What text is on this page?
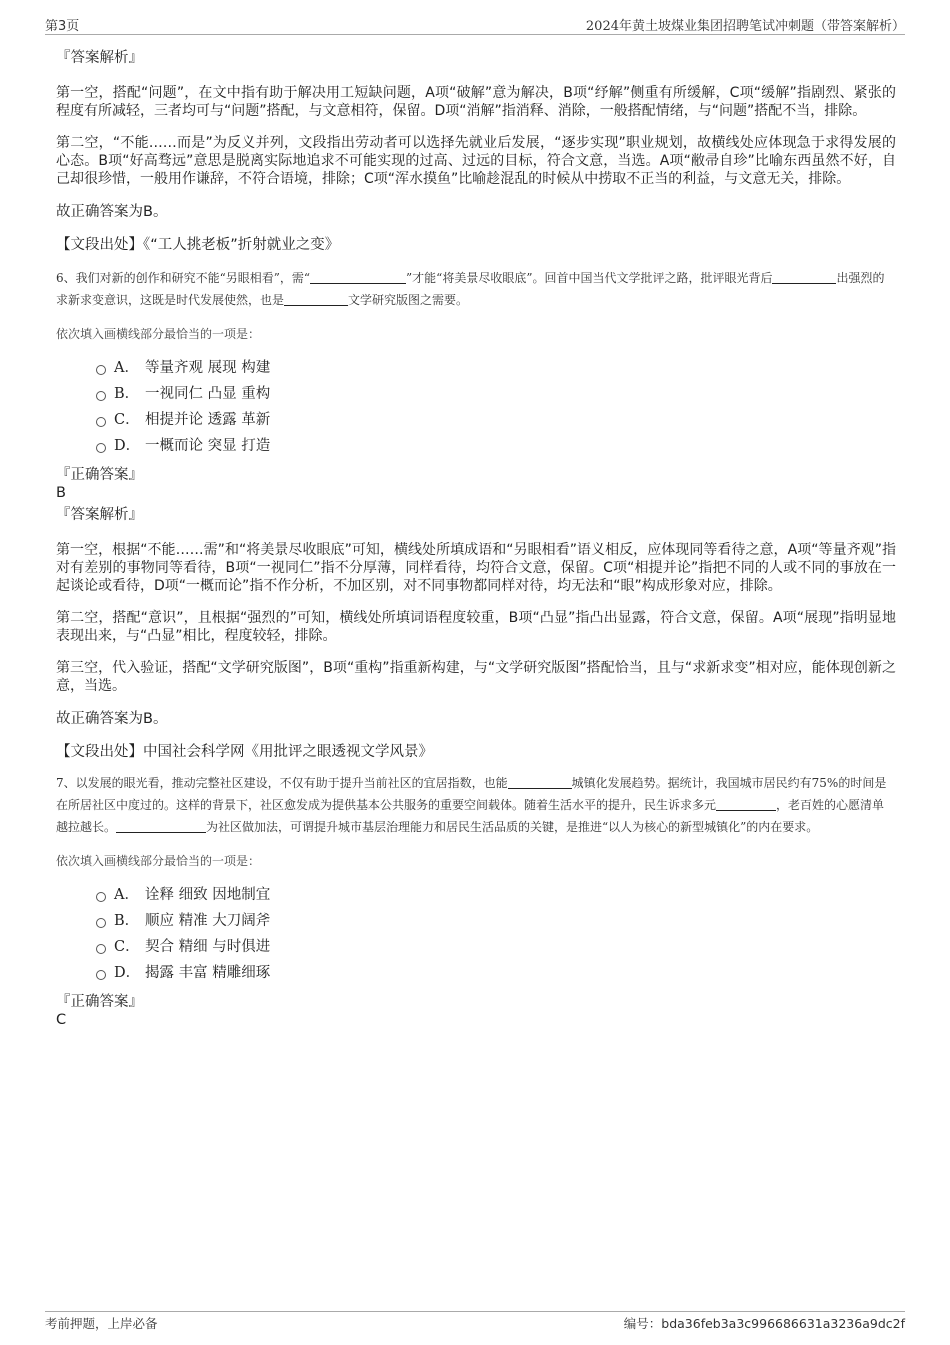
第3页	2024年黄土坡煤业集团招聘笔试冲刺题（带答案解析）

『答案解析』

第一空，搭配“问题”，在文中指有助于解决用工短缺问题，A项“破解”意为解决，B项“纾解”侧重有所缓解，C项“缓解”指剧烈、紧张的程度有所减轻，三者均可与“问题”搭配，与文意相符，保留。D项“消解”指消释、消除，一般搭配情绪，与“问题”搭配不当，排除。

第二空，“不能……而是”为反义并列，文段指出劳动者可以选择先就业后发展，“逐步实现”职业规划，故横线处应体现急于求得发展的心态。B项“好高骛远”意思是脱离实际地追求不可能实现的过高、过远的目标，符合文意，当选。A项“敝帚自珍”比喻东西虽然不好，自己却很珍惜，一般用作谦辞，不符合语境，排除；C项“浑水摸鱼”比喻趁混乱的时候从中捞取不正当的利益，与文意无关，排除。

故正确答案为B。

【文段出处】《“工人挑老板”折射就业之变》

6、我们对新的创作和研究不能“另眼相看”，需“	”才能“将美景尽收眼底”。回首中国当代文学批评之路，批评眼光背后	出强烈的求新求变意识，这既是时代发展使然，也是	文学研究版图之需要。

依次填入画横线部分最恰当的一项是：

A． 等量齐观 展现 构建
B． 一视同仁 凸显 重构
C． 相提并论 透露 革新
D． 一概而论 突显 打造

『正确答案』

B

『答案解析』

第一空，根据“不能……需”和“将美景尽收眼底”可知，横线处所填成语和“另眼相看”语义相反，应体现同等看待之意，A项“等量齐观”指对有差别的事物同等看待，B项“一视同仁”指不分厚薄，同样看待，均符合文意，保留。C项“相提并论”指把不同的人或不同的事放在一起谈论或看待，D项“一概而论”指不作分析，不加区别，对不同事物都同样对待，均无法和“眼”构成形象对应，排除。

第二空，搭配“意识”，且根据“强烈的”可知，横线处所填词语程度较重，B项“凸显”指凸出显露，符合文意，保留。A项“展现”指明显地表现出来，与“凸显”相比，程度较轻，排除。

第三空，代入验证，搭配“文学研究版图”，B项“重构”指重新构建，与“文学研究版图”搭配恰当，且与“求新求变”相对应，能体现创新之意，当选。

故正确答案为B。

【文段出处】中国社会科学网《用批评之眼透视文学风景》

7、以发展的眼光看，推动完整社区建设，不仅有助于提升当前社区的宜居指数，也能	城镇化发展趋势。据统计，我国城市居民约有75%的时间是在所居社区中度过的。这样的背景下，社区愈发成为提供基本公共服务的重要空间载体。随着生活水平的提升，民生诉求多元	，老百姓的心愿清单越拉越长。	为社区做加法，可谓提升城市基层治理能力和居民生活品质的关键，是推进“以人为核心的新型城镇化”的内在要求。

依次填入画横线部分最恰当的一项是：

A． 诠释 细致 因地制宜
B． 顺应 精准 大刀阔斧
C． 契合 精细 与时俱进
D． 揭露 丰富 精雕细琢

『正确答案』

C

考前押题，上岸必备	编号：bda36feb3a3c996686631a3236a9dc2f
